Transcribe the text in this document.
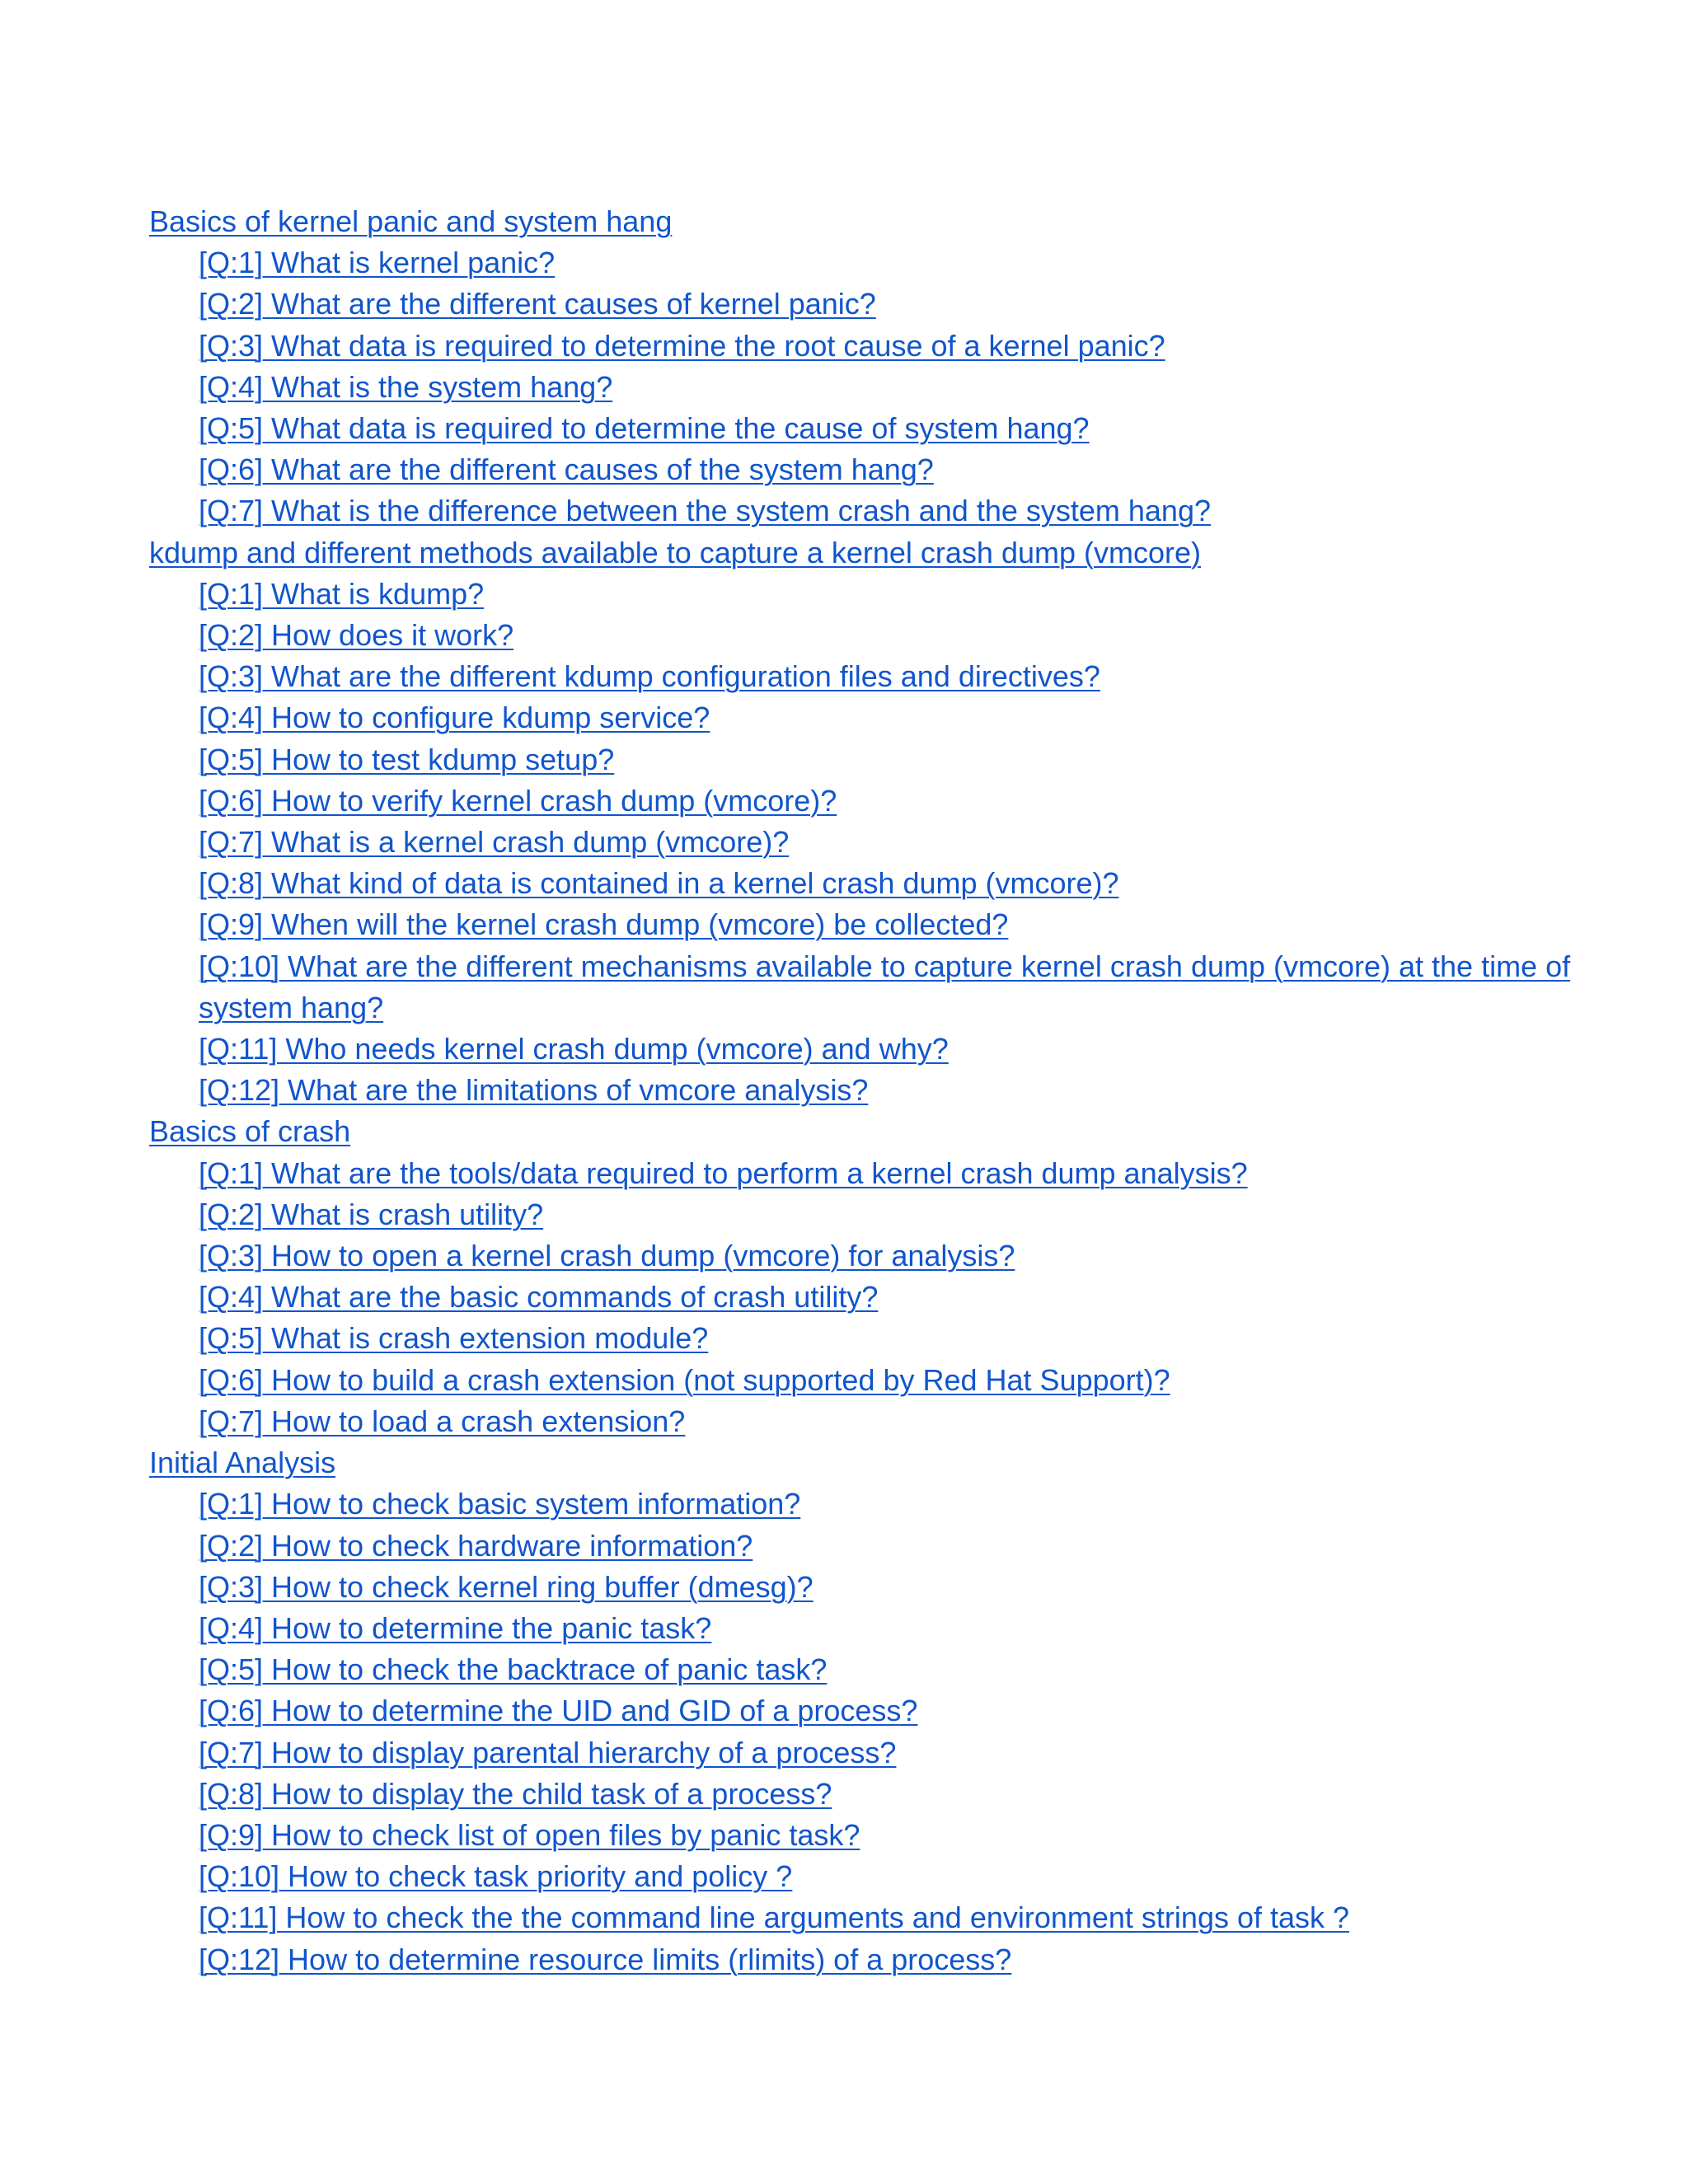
Basics of kernel panic and system hang
[Q:1] What is kernel panic?
[Q:2] What are the different causes of kernel panic?
[Q:3] What data is required to determine the root cause of a kernel panic?
[Q:4] What is the system hang?
[Q:5] What data is required to determine the cause of system hang?
[Q:6] What are the different causes of the system hang?
[Q:7] What is the difference between the system crash and the system hang?
kdump and different methods available to capture a kernel crash dump (vmcore)
[Q:1] What is kdump?
[Q:2] How does it work?
[Q:3] What are the different kdump configuration files and directives?
[Q:4] How to configure kdump service?
[Q:5] How to test kdump setup?
[Q:6] How to verify kernel crash dump (vmcore)?
[Q:7] What is a kernel crash dump (vmcore)?
[Q:8] What kind of data is contained in a kernel crash dump (vmcore)?
[Q:9] When will the kernel crash dump (vmcore) be collected?
[Q:10] What are the different mechanisms available to capture kernel crash dump (vmcore) at the time of system hang?
[Q:11] Who needs kernel crash dump (vmcore) and why?
[Q:12] What are the limitations of vmcore analysis?
Basics of crash
[Q:1] What are the tools/data required to perform a kernel crash dump analysis?
[Q:2] What is crash utility?
[Q:3] How to open a kernel crash dump (vmcore) for analysis?
[Q:4] What are the basic commands of crash utility?
[Q:5] What is crash extension module?
[Q:6] How to build a crash extension (not supported by Red Hat Support)?
[Q:7] How to load a crash extension?
Initial Analysis
[Q:1] How to check basic system information?
[Q:2] How to check hardware information?
[Q:3] How to check kernel ring buffer (dmesg)?
[Q:4] How to determine the panic task?
[Q:5] How to check the backtrace of panic task?
[Q:6] How to determine the UID and GID of a process?
[Q:7] How to display parental hierarchy of a process?
[Q:8] How to display the child task of a process?
[Q:9] How to check list of open files by panic task?
[Q:10] How to check task priority and policy ?
[Q:11] How to check the the command line arguments and environment strings of task ?
[Q:12] How to determine resource limits (rlimits) of a process?
